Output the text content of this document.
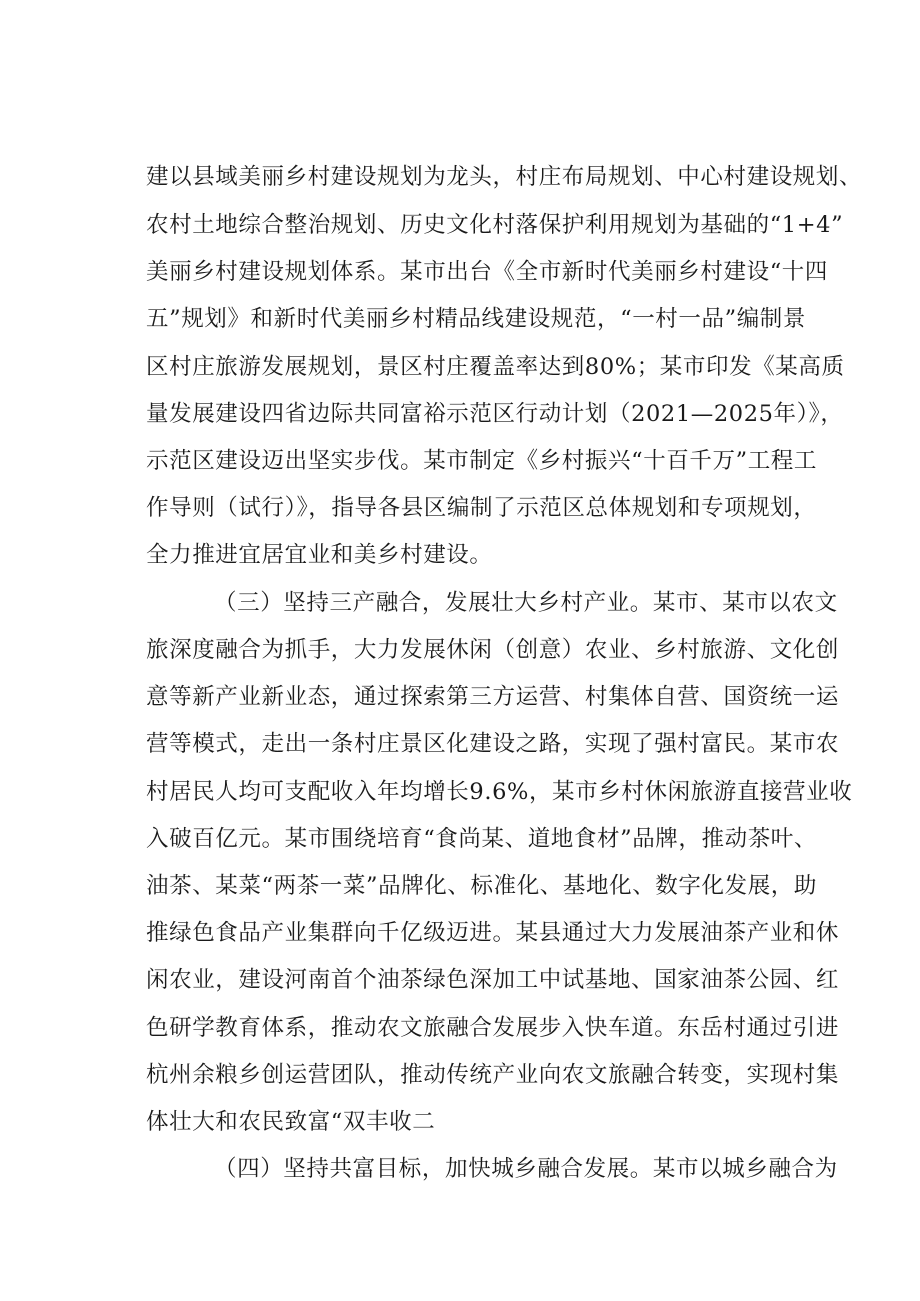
建以县域美丽乡村建设规划为龙头，村庄布局规划、中心村建设规划、
农村土地综合整治规划、历史文化村落保护利用规划为基础的“1+4”
美丽乡村建设规划体系。某市出台《全市新时代美丽乡村建设“十四
五”规划》和新时代美丽乡村精品线建设规范，“一村一品”编制景
区村庄旅游发展规划，景区村庄覆盖率达到80%；某市印发《某高质
量发展建设四省边际共同富裕示范区行动计划（2021—2025年）》，
示范区建设迈出坚实步伐。某市制定《乡村振兴“十百千万”工程工
作导则（试行）》，指导各县区编制了示范区总体规划和专项规划，
全力推进宜居宜业和美乡村建设。
（三）坚持三产融合，发展壮大乡村产业。某市、某市以农文
旅深度融合为抓手，大力发展休闲（创意）农业、乡村旅游、文化创
意等新产业新业态，通过探索第三方运营、村集体自营、国资统一运
营等模式，走出一条村庄景区化建设之路，实现了强村富民。某市农
村居民人均可支配收入年均增长9.6%，某市乡村休闲旅游直接营业收
入破百亿元。某市围绕培育“食尚某、道地食材”品牌，推动茶叶、
油茶、某菜“两茶一菜”品牌化、标准化、基地化、数字化发展，助
推绿色食品产业集群向千亿级迈进。某县通过大力发展油茶产业和休
闲农业，建设河南首个油茶绿色深加工中试基地、国家油茶公园、红
色研学教育体系，推动农文旅融合发展步入快车道。东岳村通过引进
杭州余粮乡创运营团队，推动传统产业向农文旅融合转变，实现村集
体壮大和农民致富“双丰收二
（四）坚持共富目标，加快城乡融合发展。某市以城乡融合为
